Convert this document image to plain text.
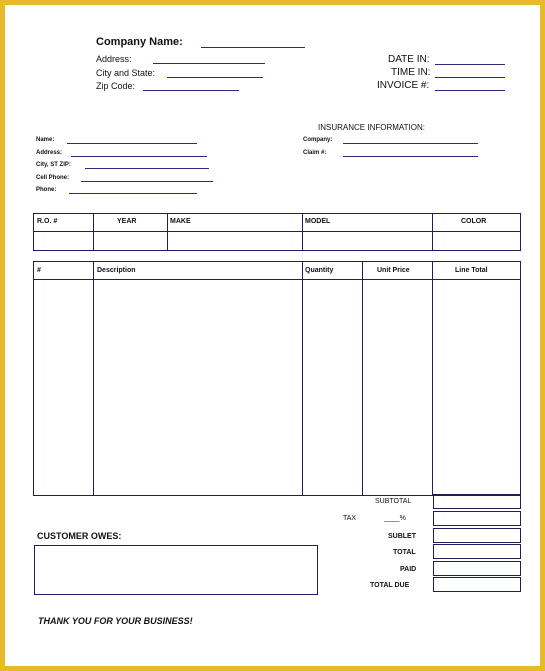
Company Name:
Address:
City and State:
Zip Code:
DATE IN:
TIME IN:
INVOICE #:
INSURANCE INFORMATION:
Company:
Claim #:
Name:
Address:
City, ST ZIP:
Cell Phone:
Phone:
R.O. #	YEAR	MAKE	MODEL	COLOR
#	Description	Quantity	Unit Price	Line Total
SUBTOTAL
TAX	____%
SUBLET
TOTAL
PAID
TOTAL DUE
CUSTOMER OWES:
THANK YOU FOR YOUR BUSINESS!
